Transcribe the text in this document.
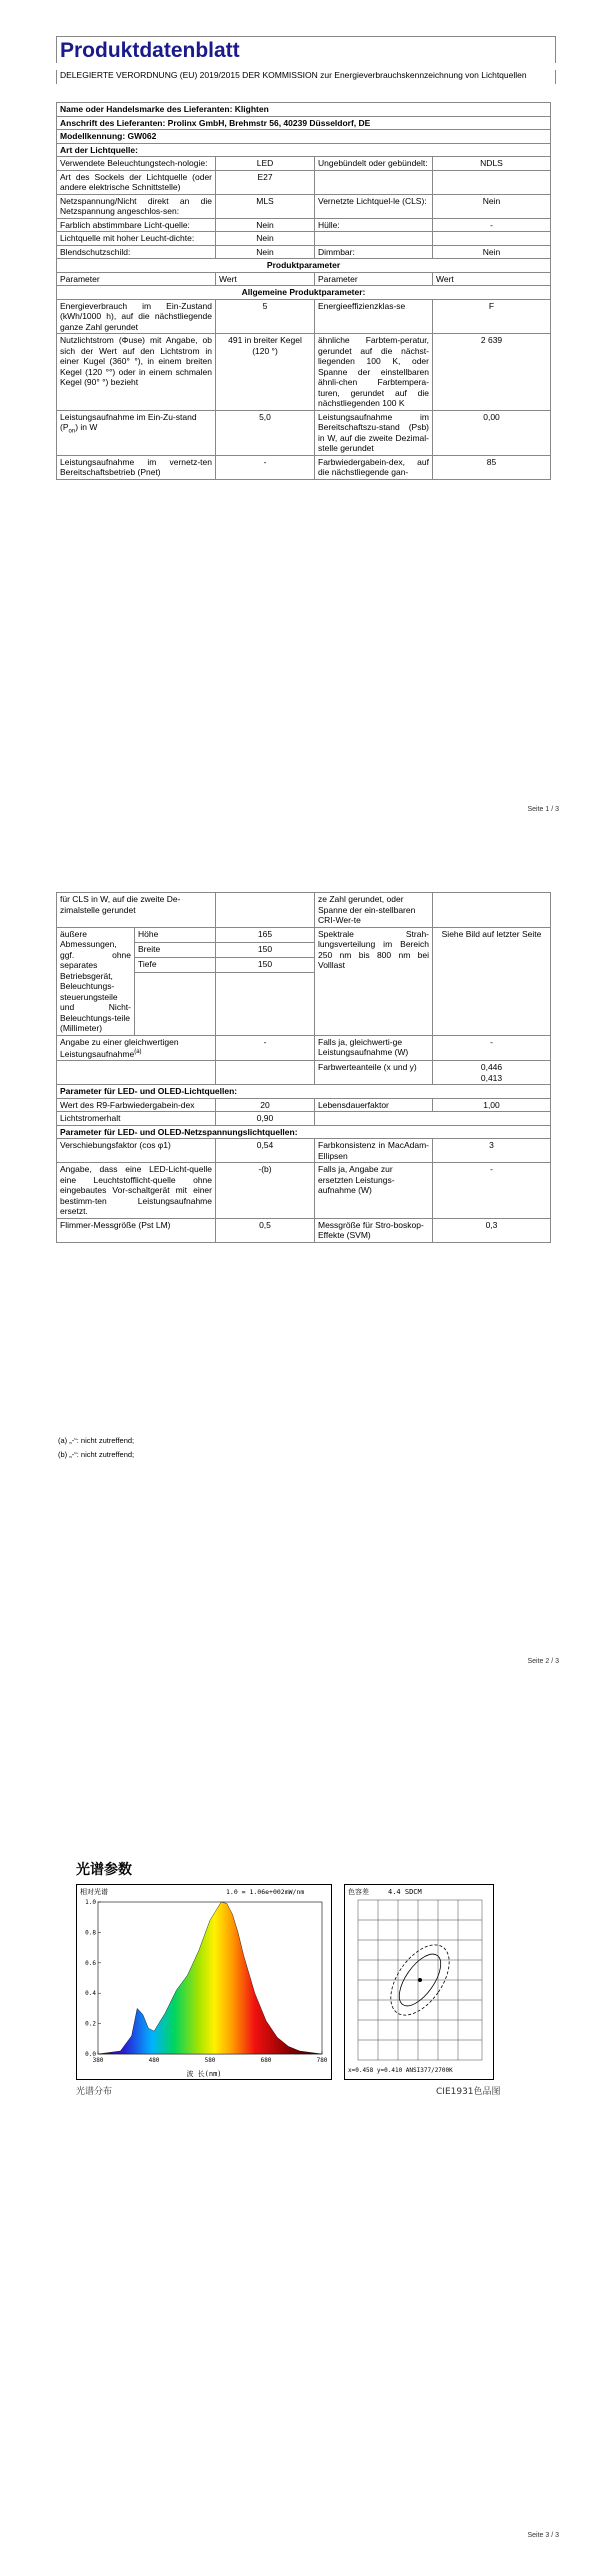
Produktdatenblatt
DELEGIERTE VERORDNUNG (EU) 2019/2015 DER KOMMISSION zur Energieverbrauchskennzeichnung von Lichtquellen
Name oder Handelsmarke des Lieferanten: Klighten			
Anschrift des Lieferanten: Prolinx GmbH, Brehmstr 56, 40239 Düsseldorf, DE			
Modellkennung: GW062			
Art der Lichtquelle:			
Verwendete Beleuchtungstech-nologie:	LED	Ungebündelt oder gebündelt:	NDLS
Art des Sockels der Lichtquelle (oder andere elektrische Schnittstelle)	E27		
Netzspannung/Nicht direkt an die Netzspannung angeschlos-sen:	MLS	Vernetzte Lichtquel-le (CLS):	Nein
Farblich abstimmbare Licht-quelle:	Nein	Hülle:	-
Lichtquelle mit hoher Leucht-dichte:	Nein		
Blendschutzschild:	Nein	Dimmbar:	Nein
Produktparameter			
Parameter	Wert	Parameter	Wert
Allgemeine Produktparameter:			
Energieverbrauch im Ein-Zustand (kWh/1000 h), auf die nächstliegende ganze Zahl gerundet	5	Energieeffizienzklas-se	F
Nutzlichtstrom (Φuse) mit Angabe, ob sich der Wert auf den Lichtstrom in einer Kugel (360° °), in einem breiten Kegel (120 °°) oder in einem schmalen Kegel (90° °) bezieht	491 in breiter Kegel (120 °)	ähnliche Farbtem-peratur, gerundet auf die nächst-liegenden 100 K, oder Spanne der einstellbaren ähnli-chen Farbtempera-turen, gerundet auf die nächstliegenden 100 K	2 639
Leistungsaufnahme im Ein-Zu-stand $(P_{on})$ in W	5,0	Leistungsaufnahme im Bereitschaftszu-stand (Psb) in W, auf die zweite Dezimal-stelle gerundet	0,00
Leistungsaufnahme im vernetz-ten Bereitschaftsbetrieb (Pnet)	-	Farbwiedergabein-dex, auf die nächstliegende gan-	85
Seite 1 / 3
für CLS in W, auf die zweite De-zimalstelle gerundet			ze Zahl gerundet, oder Spanne der ein-stellbaren CRI-Wer-te	
äußere Abmessungen, ggf. ohne separates Betriebsgerät, Beleuchtungs-steuerungsteile und Nicht-Beleuchtungs-teile (Millimeter)	Höhe	165	Spektrale Strah-lungsverteilung im Bereich 250 nm bis 800 nm bei Volllast	Siehe Bild auf letzter Seite
	Breite	150		
	Tiefe	150		

Angabe zu einer gleichwertigen Leistungsaufnahme$^{(a)}$		-	Falls ja, gleichwerti-ge Leistungsaufnahme (W)	-
			Farbwerteanteile (x und y)	0,446
0,413

Parameter für LED- und OLED-Lichtquellen:				
Wert des R9-Farbwiedergabein-dex		20	Lebensdauerfaktor	1,00
Lichtstromerhalt		0,90		
Parameter für LED- und OLED-Netzspannungslichtquellen:				
Verschiebungsfaktor (cos φ1)		0,54	Farbkonsistenz in MacAdam-Ellipsen	3
Angabe, dass eine LED-Licht-quelle eine Leuchtstofflicht-quelle ohne eingebautes Vor-schaltgerät mit einer bestimm-ten Leistungsaufnahme ersetzt.		-(b)	Falls ja, Angabe zur ersetzten Leistungs-aufnahme (W)	-
Flimmer-Messgröße (Pst LM)		0,5	Messgröße für Stro-boskop-Effekte (SVM)	0,3
(a) „-“: nicht zutreffend;
(b) „-“: nicht zutreffend;
Seite 2 / 3
光谱参数
相对光谱	1.0 = 1.06e+002mW/nm
1.0
0.8
0.6
0.4
0.2
0.0
380	480	580	680	780
波 长(nm)
光谱分布
色容差	4.4 SDCM
x=0.458 y=0.410 ANSI377/2700K
CIE1931色品图
Seite 3 / 3
